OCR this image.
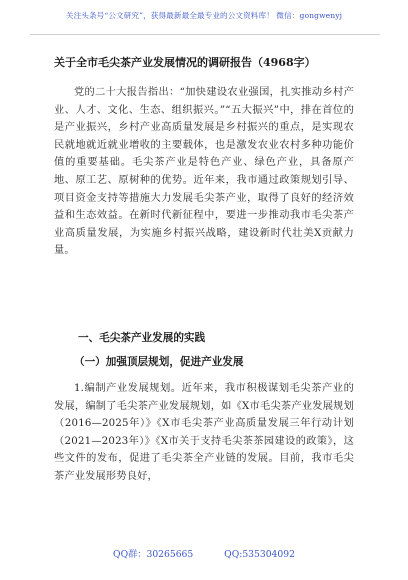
关注头条号“公文研究”，获得最新最全最专业的公文资料库！ 微信：gongwenyj
关于全市毛尖茶产业发展情况的调研报告（4968字）
党的二十大报告指出：“加快建设农业强国，扎实推动乡村产业、人才、文化、生态、组织振兴。”“五大振兴”中，排在首位的是产业振兴，乡村产业高质量发展是乡村振兴的重点，是实现农民就地就近就业增收的主要载体，也是激发农业农村多种功能价值的重要基础。毛尖茶产业是特色产业、绿色产业，具备原产地、原工艺、原树种的优势。近年来，我市通过政策规划引导、项目资金支持等措施大力发展毛尖茶产业，取得了良好的经济效益和生态效益。在新时代新征程中，要进一步推动我市毛尖茶产业高质量发展，为实施乡村振兴战略，建设新时代壮美X贡献力量。
一、毛尖茶产业发展的实践
（一）加强顶层规划，促进产业发展
1.编制产业发展规划。近年来，我市积极谋划毛尖茶产业的发展，编制了毛尖茶产业发展规划，如《X市毛尖茶产业发展规划（2016—2025年）》《X市毛尖茶产业高质量发展三年行动计划（2021—2023年）》《X市关于支持毛尖茶茶园建设的政策》，这些文件的发布，促进了毛尖茶全产业链的发展。目前，我市毛尖茶产业发展形势良好，
QQ群：30265665	QQ:535304092
